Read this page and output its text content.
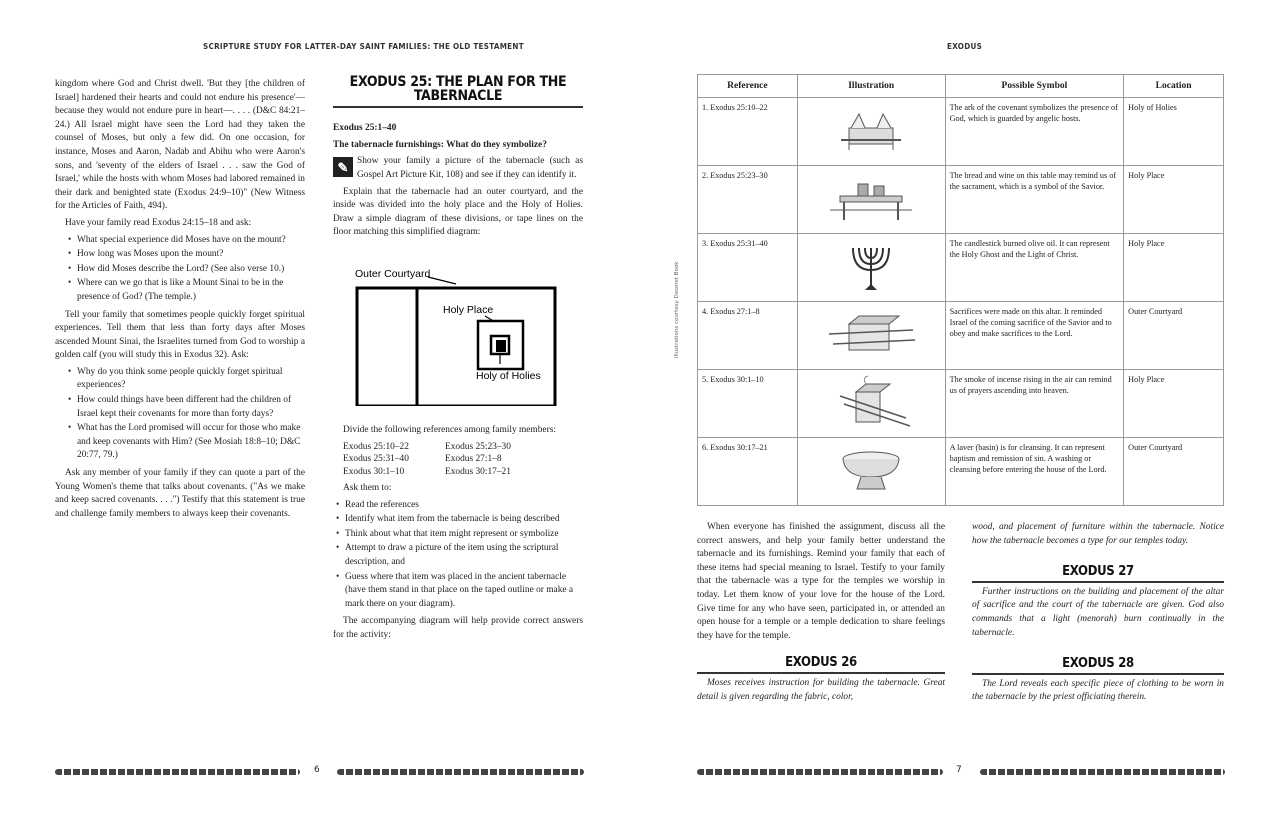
SCRIPTURE STUDY FOR LATTER-DAY SAINT FAMILIES: THE OLD TESTAMENT

kingdom where God and Christ dwell. 'But they [the children of Israel] hardened their hearts and could not endure his presence'—because they would not endure pure in heart—. . . . (D&C 84:21–24.) All Israel might have seen the Lord had they taken the counsel of Moses, but only a few did. On one occasion, for instance, Moses and Aaron, Nadab and Abihu who were Aaron's sons, and 'seventy of the elders of Israel . . . saw the God of Israel,' while the hosts with whom Moses had labored remained in their dark and benighted state (Exodus 24:9–10)" (New Witness for the Articles of Faith, 494).

Have your family read Exodus 24:15–18 and ask:

• What special experience did Moses have on the mount?
• How long was Moses upon the mount?
• How did Moses describe the Lord? (See also verse 10.)
• Where can we go that is like a Mount Sinai to be in the presence of God? (The temple.)

Tell your family that sometimes people quickly forget spiritual experiences. Tell them that less than forty days after Moses ascended Mount Sinai, the Israelites turned from God to worship a golden calf (you will study this in Exodus 32). Ask:

• Why do you think some people quickly forget spiritual experiences?
• How could things have been different had the children of Israel kept their covenants for more than forty days?
• What has the Lord promised will occur for those who make and keep covenants with Him? (See Mosiah 18:8–10; D&C 20:77, 79.)

Ask any member of your family if they can quote a part of the Young Women's theme that talks about covenants. ("As we make and keep sacred covenants. . . .") Testify that this statement is true and challenge family members to always keep their covenants.

EXODUS 25: THE PLAN FOR THE TABERNACLE

Exodus 25:1–40

The tabernacle furnishings: What do they symbolize?

✎ Show your family a picture of the tabernacle (such as Gospel Art Picture Kit, 108) and see if they can identify it.

Explain that the tabernacle had an outer courtyard, and the inside was divided into the holy place and the Holy of Holies. Draw a simple diagram of these divisions, or tape lines on the floor matching this simplified diagram:

Outer Courtyard
Holy Place
Holy of Holies

Divide the following references among family members:

Exodus 25:10–22	Exodus 25:23–30
Exodus 25:31–40	Exodus 27:1–8
Exodus 30:1–10	Exodus 30:17–21

Ask them to:

• Read the references
• Identify what item from the tabernacle is being described
• Think about what that item might represent or symbolize
• Attempt to draw a picture of the item using the scriptural description, and
• Guess where that item was placed in the ancient tabernacle (have them stand in that place on the taped outline or make a mark there on your diagram).

The accompanying diagram will help provide correct answers for the activity:

6
EXODUS
7
Illustrations courtesy Deseret Book
Reference	Illustration	Possible Symbol	Location
1. Exodus 25:10–22		The ark of the covenant symbolizes the presence of God, which is guarded by angelic hosts.	Holy of Holies
2. Exodus 25:23–30		The bread and wine on this table may remind us of the sacrament, which is a symbol of the Savior.	Holy Place
3. Exodus 25:31–40		The candlestick burned olive oil. It can represent the Holy Ghost and the Light of Christ.	Holy Place
4. Exodus 27:1–8		Sacrifices were made on this altar. It reminded Israel of the coming sacrifice of the Savior and to obey and make sacrifices to the Lord.	Outer Courtyard
5. Exodus 30:1–10		The smoke of incense rising in the air can remind us of prayers ascending into heaven.	Holy Place
6. Exodus 30:17–21		A laver (basin) is for cleansing. It can represent baptism and remission of sin. A washing or cleansing before entering the house of the Lord.	Outer Courtyard

When everyone has finished the assignment, discuss all the correct answers, and help your family better understand the tabernacle and its furnishings. Remind your family that each of these items had special meaning to Israel. Testify to your family that the tabernacle was a type for the temples we worship in today. Let them know of your love for the house of the Lord. Give time for any who have seen, participated in, or attended an open house for a temple or a temple dedication to share feelings they have for the temple.

EXODUS 26

Moses receives instruction for building the tabernacle. Great detail is given regarding the fabric, color,

wood, and placement of furniture within the tabernacle. Notice how the tabernacle becomes a type for our temples today.

EXODUS 27

Further instructions on the building and placement of the altar of sacrifice and the court of the tabernacle are given. God also commands that a light (menorah) burn continually in the tabernacle.

EXODUS 28

The Lord reveals each specific piece of clothing to be worn in the tabernacle by the priest officiating therein.
